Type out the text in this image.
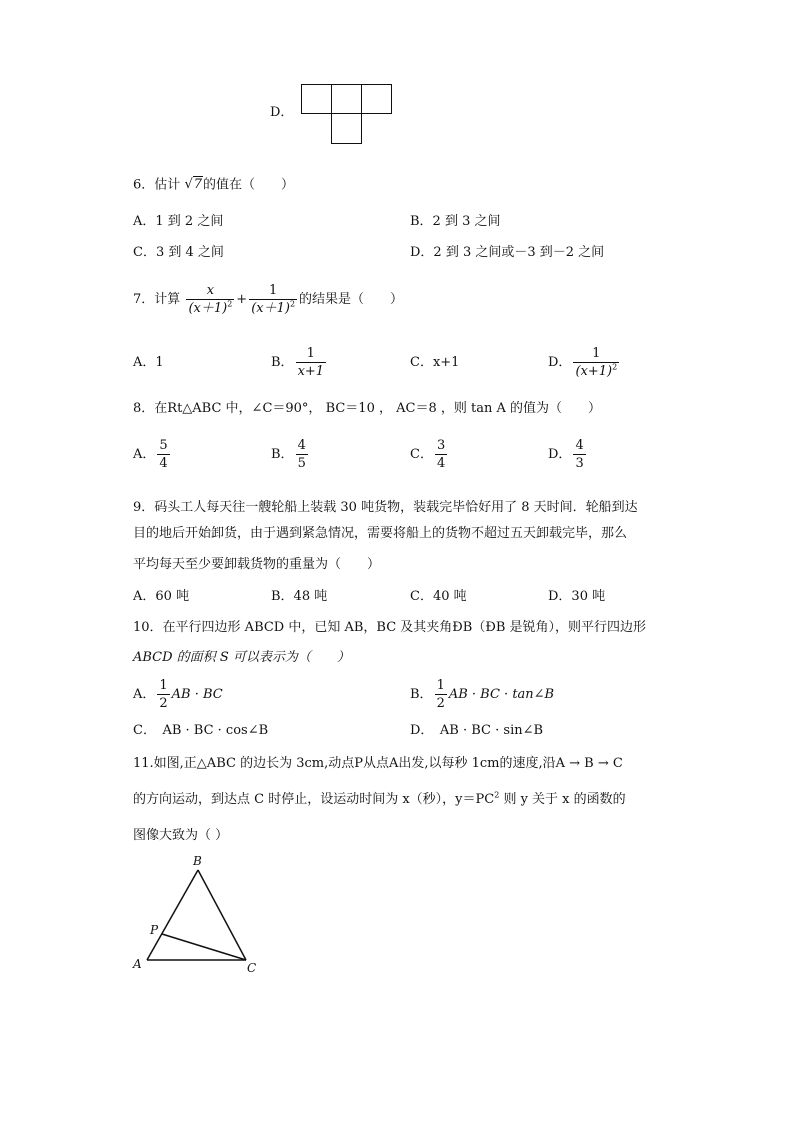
D．
6．估计 √7的值在（　　）
A．1 到 2 之间	B．2 到 3 之间
C．3 到 4 之间	D．2 到 3 之间或－3 到－2 之间
7．计算 $\frac{x}{(x+1)^2} + \frac{1}{(x+1)^2}$ 的结果是（　　）
A．1	B． $\frac{1}{x+1}$	C．x+1	D． $\frac{1}{(x+1)^2}$
8．在Rt△ABC 中，∠C＝90°， BC＝10 ， AC＝8 ，则 tan A 的值为（　　）
A． $\frac{5}{4}$	B． $\frac{4}{5}$	C． $\frac{3}{4}$	D． $\frac{4}{3}$
9．码头工人每天往一艘轮船上装载 30 吨货物，装载完毕恰好用了 8 天时间．轮船到达
目的地后开始卸货，由于遇到紧急情况，需要将船上的货物不超过五天卸载完毕，那么
平均每天至少要卸载货物的重量为（　　）
A．60 吨	B．48 吨	C．40 吨	D．30 吨
10．在平行四边形 ABCD 中，已知 AB，BC 及其夹角ÐB（ÐB 是锐角），则平行四边形
ABCD 的面积 S 可以表示为（　　）
A． $\frac{1}{2}$ AB · BC	B． $\frac{1}{2}$ AB · BC · tan∠B
C．　AB · BC · cos∠B	D．　AB · BC · sin∠B
11.如图,正△ABC 的边长为 3cm,动点P从点A出发,以每秒 1cm的速度,沿A → B → C
的方向运动，到达点 C 时停止，设运动时间为 x（秒），$y=PC^2$ 则 y 关于 x 的函数的
图像大致为（ ）
B
P
A	C
